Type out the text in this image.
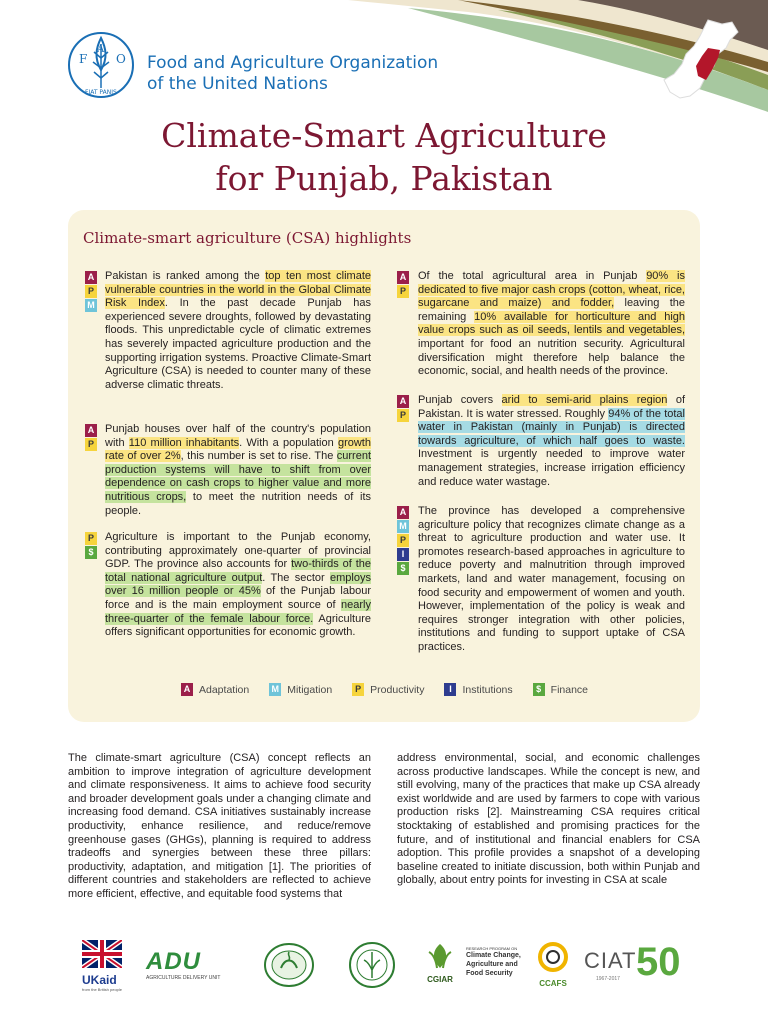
F
A
O
FIAT PANIS
Food and Agriculture Organization
of the United Nations
Climate-Smart Agriculture
for Punjab, Pakistan
Climate-smart agriculture (CSA) highlights
A
P
M
A
P
P
$
A
P
A
P
A
M
P
I
$
Pakistan is ranked among the top ten most climate vulnerable countries in the world in the Global Climate Risk Index. In the past decade Punjab has experienced severe droughts, followed by devastating floods. This unpredictable cycle of climatic extremes has severely impacted agriculture production and the supporting irrigation systems. Proactive Climate-Smart Agriculture (CSA) is needed to counter many of these adverse climatic threats.
Punjab houses over half of the country's population with 110 million inhabitants. With a population growth rate of over 2%, this number is set to rise. The current production systems will have to shift from over dependence on cash crops to higher value and more nutritious crops, to meet the nutrition needs of its people.
Agriculture is important to the Punjab economy, contributing approximately one-quarter of provincial GDP. The province also accounts for two-thirds of the total national agriculture output. The sector employs over 16 million people or 45% of the Punjab labour force and is the main employment source of nearly three-quarter of the female labour force. Agriculture offers significant opportunities for economic growth.
Of the total agricultural area in Punjab 90% is dedicated to five major cash crops (cotton, wheat, rice, sugarcane and maize) and fodder, leaving the remaining 10% available for horticulture and high value crops such as oil seeds, lentils and vegetables, important for food an nutrition security. Agricultural diversification might therefore help balance the economic, social, and health needs of the province.
Punjab covers arid to semi-arid plains region of Pakistan. It is water stressed. Roughly 94% of the total water in Pakistan (mainly in Punjab) is directed towards agriculture, of which half goes to waste. Investment is urgently needed to improve water management strategies, increase irrigation efficiency and reduce water wastage.
The province has developed a comprehensive agriculture policy that recognizes climate change as a threat to agriculture production and water use. It promotes research-based approaches in agriculture to reduce poverty and malnutrition through improved markets, land and water management, focusing on food security and empowerment of women and youth. However, implementation of the policy is weak and requires stronger integration with other policies, institutions and funding to support uptake of CSA practices.
A Adaptation M Mitigation	P Productivity	I	Institutions	$ Finance
The climate-smart agriculture (CSA) concept reflects an ambition to improve integration of agriculture development and climate responsiveness. It aims to achieve food security and broader development goals under a changing climate and increasing food demand. CSA initiatives sustainably increase productivity, enhance resilience, and reduce/remove greenhouse gases (GHGs), planning is required to address tradeoffs and synergies between these three pillars: productivity, adaptation, and mitigation [1]. The priorities of different countries and stakeholders are reflected to achieve more efficient, effective, and equitable food systems that
address environmental, social, and economic challenges across productive landscapes. While the concept is new, and still evolving, many of the practices that make up CSA already exist worldwide and are used by farmers to cope with various production risks [2]. Mainstreaming CSA requires critical stocktaking of established and promising practices for the future, and of institutional and financial enablers for CSA adoption. This profile provides a snapshot of a developing baseline created to initiate discussion, both within Punjab and globally, about entry points for investing in CSA at scale
UKaid
from the British people
ADU
AGRICULTURE DELIVERY UNIT	CGIAR
RESEARCH PROGRAM ON
Climate Change, Agriculture and Food Security
CCAFS
CIAT
1967-2017 50
